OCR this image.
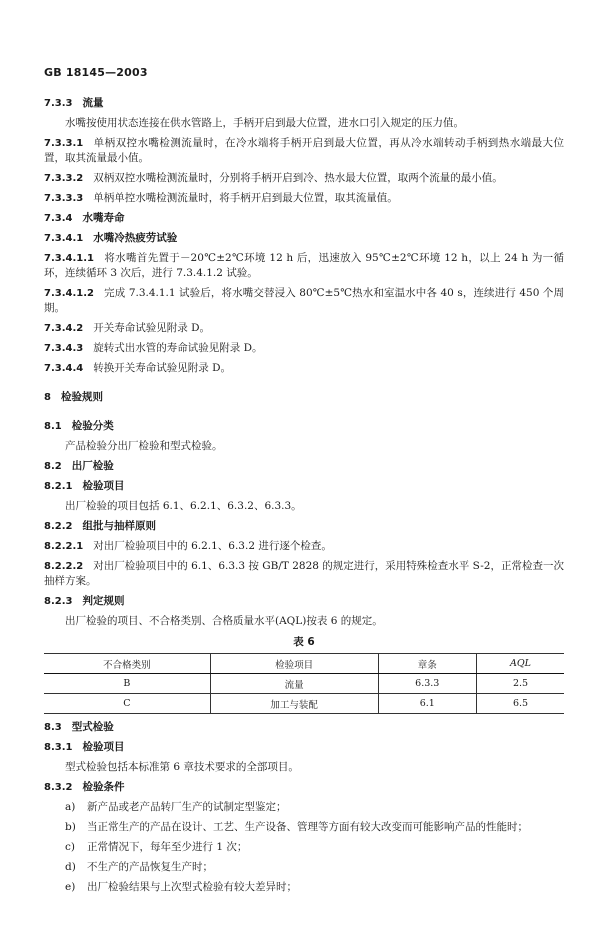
GB 18145—2003
7.3.3 流量
水嘴按使用状态连接在供水管路上，手柄开启到最大位置，进水口引入规定的压力值。
7.3.3.1 单柄双控水嘴检测流量时，在冷水端将手柄开启到最大位置，再从冷水端转动手柄到热水端最大位置，取其流量最小值。
7.3.3.2 双柄双控水嘴检测流量时，分别将手柄开启到冷、热水最大位置，取两个流量的最小值。
7.3.3.3 单柄单控水嘴检测流量时，将手柄开启到最大位置，取其流量值。
7.3.4 水嘴寿命
7.3.4.1 水嘴冷热疲劳试验
7.3.4.1.1 将水嘴首先置于－20℃±2℃环境 12 h 后，迅速放入 95℃±2℃环境 12 h，以上 24 h 为一循环，连续循环 3 次后，进行 7.3.4.1.2 试验。
7.3.4.1.2 完成 7.3.4.1.1 试验后，将水嘴交替浸入 80℃±5℃热水和室温水中各 40 s，连续进行 450 个周期。
7.3.4.2 开关寿命试验见附录 D。
7.3.4.3 旋转式出水管的寿命试验见附录 D。
7.3.4.4 转换开关寿命试验见附录 D。
8 检验规则
8.1 检验分类
产品检验分出厂检验和型式检验。
8.2 出厂检验
8.2.1 检验项目
出厂检验的项目包括 6.1、6.2.1、6.3.2、6.3.3。
8.2.2 组批与抽样原则
8.2.2.1 对出厂检验项目中的 6.2.1、6.3.2 进行逐个检查。
8.2.2.2 对出厂检验项目中的 6.1、6.3.3 按 GB/T 2828 的规定进行，采用特殊检查水平 S-2，正常检查一次抽样方案。
8.2.3 判定规则
出厂检验的项目、不合格类别、合格质量水平(AQL)按表 6 的规定。
表 6
不合格类别	检验项目	章条	AQL
B	流量	6.3.3	2.5
C	加工与装配	6.1	6.5
8.3 型式检验
8.3.1 检验项目
型式检验包括本标准第 6 章技术要求的全部项目。
8.3.2 检验条件
a)	新产品或老产品转厂生产的试制定型鉴定；
b)	当正常生产的产品在设计、工艺、生产设备、管理等方面有较大改变而可能影响产品的性能时；
c)	正常情况下，每年至少进行 1 次；
d)	不生产的产品恢复生产时；
e)	出厂检验结果与上次型式检验有较大差异时；
